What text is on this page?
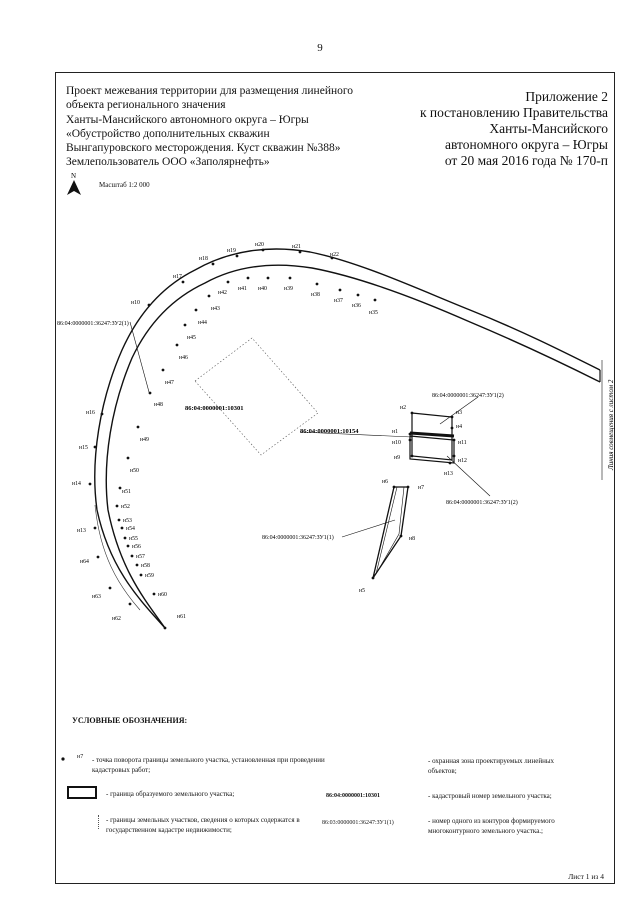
9
Проект межевания территории для размещения линейного
объекта регионального значения
Ханты-Мансийского автономного округа – Югры
«Обустройство дополнительных скважин
Вынгапуровского месторождения. Куст скважин №388»
Землепользователь ООО «Заполярнефть»
Приложение 2
к постановлению Правительства
Ханты-Мансийского
автономного округа – Югры
от 20 мая 2016 года № 170-п
N
Масштаб 1:2 000
86:04:0000001:10301
86:04:0000001:10154
86:04:0000001:36247:ЗУ2(1)
86:04:0000001:36247:ЗУ1(2)
86:04:0000001:36247:ЗУ1(2)
86:04:0000001:36247:ЗУ1(1)
Линия совмещения с листом 2
н10
н17
н18
н19
н20	н21
н22
н35
н36
н37
н38
н39
н40
н41
н42
н43
н44
н45
н46
н47
н48
н49
н50
н51
н52
н53
н54
н55
н56
н57
н58
н59
н60
н61
н62
н63
н64
н13
н14
н15
н16
н1
н2
н3
н4
н9
н10	н11
н12
н13
н5
н6
н7
н8
УСЛОВНЫЕ ОБОЗНАЧЕНИЯ:
н7 - точка поворота границы земельного участка, установленная при проведении кадастровых работ;
- граница образуемого земельного участка;
- границы земельных участков, сведения о которых содержатся в государственном кадастре недвижимости;
- охранная зона проектируемых линейных объектов;
86:04:0000001:10301	- кадастровый номер земельного участка;
86:03:0000001:36247:ЗУ1(1)	- номер одного из контуров формируемого многоконтурного земельного участка.;
Лист 1 из 4
